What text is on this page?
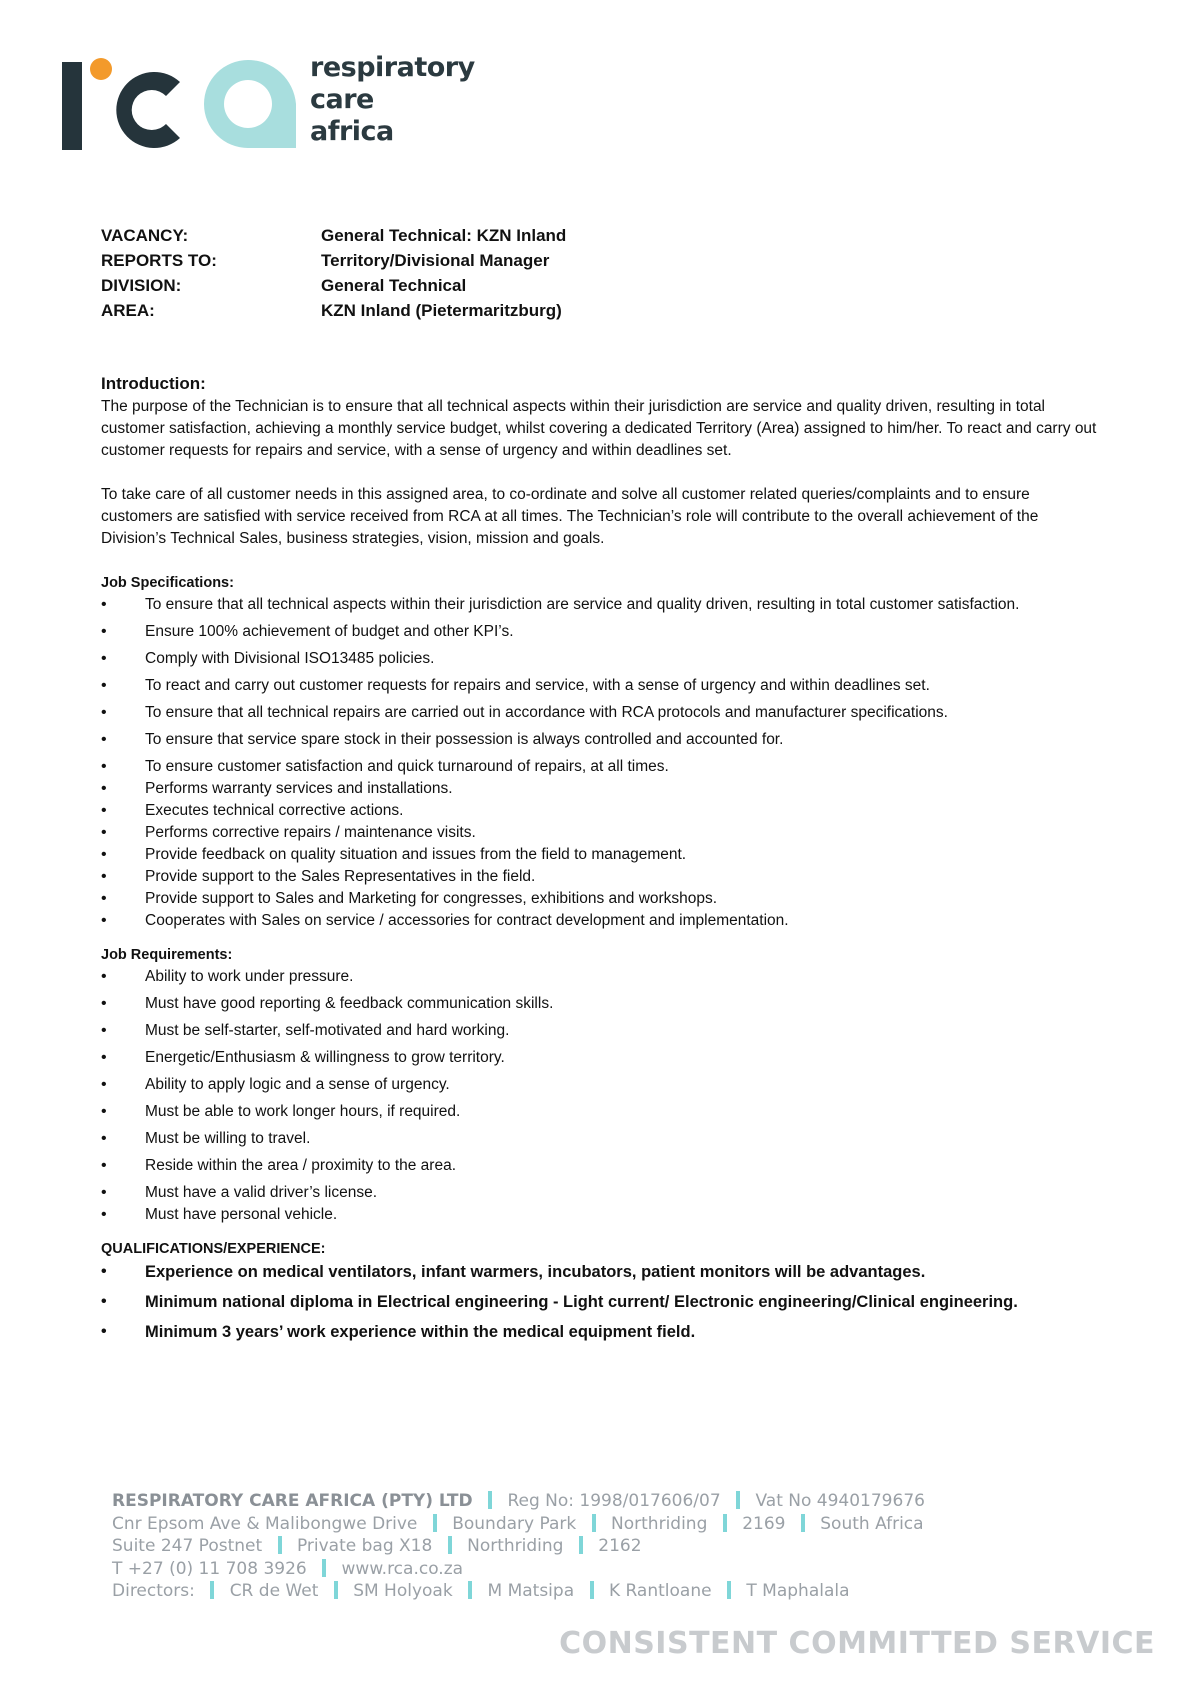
respiratory
care
africa
VACANCY:	General Technical: KZN Inland
REPORTS TO:	Territory/Divisional Manager
DIVISION:	General Technical
AREA:	KZN Inland (Pietermaritzburg)
Introduction:

The purpose of the Technician is to ensure that all technical aspects within their jurisdiction are service and quality driven, resulting in total customer satisfaction, achieving a monthly service budget, whilst covering a dedicated Territory (Area) assigned to him/her. To react and carry out customer requests for repairs and service, with a sense of urgency and within deadlines set.

To take care of all customer needs in this assigned area, to co-ordinate and solve all customer related queries/complaints and to ensure customers are satisfied with service received from RCA at all times. The Technician’s role will contribute to the overall achievement of the Division’s Technical Sales, business strategies, vision, mission and goals.

Job Specifications:
• To ensure that all technical aspects within their jurisdiction are service and quality driven, resulting in total customer satisfaction.
• Ensure 100% achievement of budget and other KPI’s.
• Comply with Divisional ISO13485 policies.
• To react and carry out customer requests for repairs and service, with a sense of urgency and within deadlines set.
• To ensure that all technical repairs are carried out in accordance with RCA protocols and manufacturer specifications.
• To ensure that service spare stock in their possession is always controlled and accounted for.
• To ensure customer satisfaction and quick turnaround of repairs, at all times.
• Performs warranty services and installations.
• Executes technical corrective actions.
• Performs corrective repairs / maintenance visits.
• Provide feedback on quality situation and issues from the field to management.
• Provide support to the Sales Representatives in the field.
• Provide support to Sales and Marketing for congresses, exhibitions and workshops.
• Cooperates with Sales on service / accessories for contract development and implementation.
Job Requirements:
• Ability to work under pressure.
• Must have good reporting & feedback communication skills.
• Must be self-starter, self-motivated and hard working.
• Energetic/Enthusiasm & willingness to grow territory.
• Ability to apply logic and a sense of urgency.
• Must be able to work longer hours, if required.
• Must be willing to travel.
• Reside within the area / proximity to the area.
• Must have a valid driver’s license.
• Must have personal vehicle.
QUALIFICATIONS/EXPERIENCE:
• Experience on medical ventilators, infant warmers, incubators, patient monitors will be advantages.
• Minimum national diploma in Electrical engineering - Light current/ Electronic engineering/Clinical engineering.
• Minimum 3 years’ work experience within the medical equipment field.
RESPIRATORY CARE AFRICA (PTY) LTD Reg No: 1998/017606/07 Vat No 4940179676
Cnr Epsom Ave & Malibongwe Drive Boundary Park Northriding 2169 South Africa
Suite 247 Postnet Private bag X18 Northriding 2162
T +27 (0) 11 708 3926 www.rca.co.za
Directors: CR de Wet SM Holyoak M Matsipa K Rantloane T Maphalala
CONSISTENT COMMITTED SERVICE
